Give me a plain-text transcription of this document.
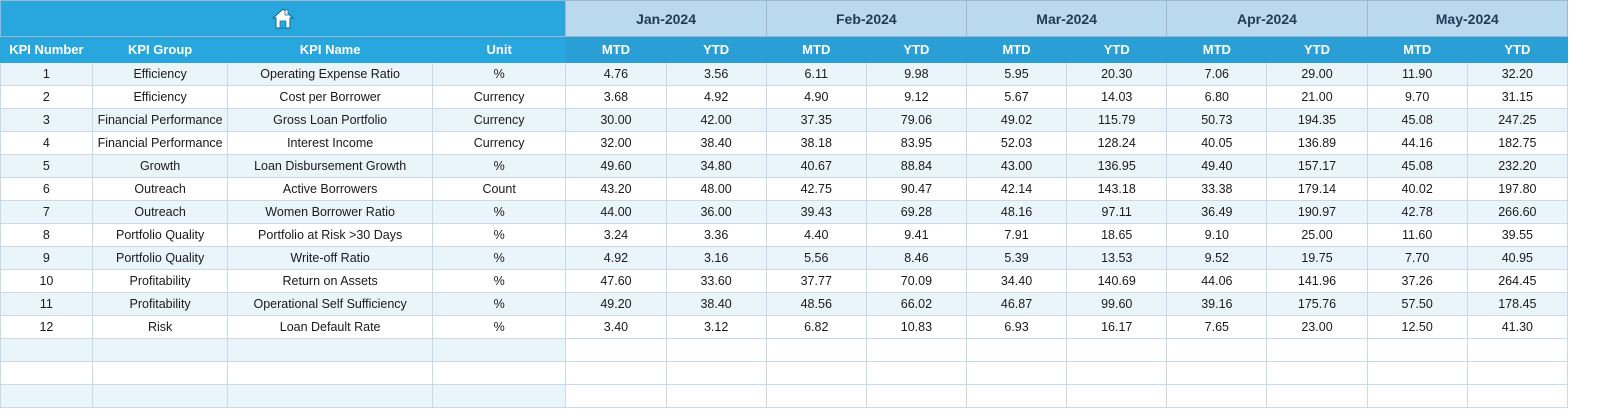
	Jan-2024		Feb-2024		Mar-2024		Apr-2024		May-2024	
KPI Number	KPI Group	KPI Name	Unit	MTD	YTD	MTD	YTD	MTD	YTD	MTD	YTD	MTD	YTD
1	Efficiency	Operating Expense Ratio	%	4.76	3.56	6.11	9.98	5.95	20.30	7.06	29.00	11.90	32.20
2	Efficiency	Cost per Borrower	Currency	3.68	4.92	4.90	9.12	5.67	14.03	6.80	21.00	9.70	31.15
3	Financial Performance	Gross Loan Portfolio	Currency	30.00	42.00	37.35	79.06	49.02	115.79	50.73	194.35	45.08	247.25
4	Financial Performance	Interest Income	Currency	32.00	38.40	38.18	83.95	52.03	128.24	40.05	136.89	44.16	182.75
5	Growth	Loan Disbursement Growth	%	49.60	34.80	40.67	88.84	43.00	136.95	49.40	157.17	45.08	232.20
6	Outreach	Active Borrowers	Count	43.20	48.00	42.75	90.47	42.14	143.18	33.38	179.14	40.02	197.80
7	Outreach	Women Borrower Ratio	%	44.00	36.00	39.43	69.28	48.16	97.11	36.49	190.97	42.78	266.60
8	Portfolio Quality	Portfolio at Risk >30 Days	%	3.24	3.36	4.40	9.41	7.91	18.65	9.10	25.00	11.60	39.55
9	Portfolio Quality	Write-off Ratio	%	4.92	3.16	5.56	8.46	5.39	13.53	9.52	19.75	7.70	40.95
10	Profitability	Return on Assets	%	47.60	33.60	37.77	70.09	34.40	140.69	44.06	141.96	37.26	264.45
11	Profitability	Operational Self Sufficiency	%	49.20	38.40	48.56	66.02	46.87	99.60	39.16	175.76	57.50	178.45
12	Risk	Loan Default Rate	%	3.40	3.12	6.82	10.83	6.93	16.17	7.65	23.00	12.50	41.30
